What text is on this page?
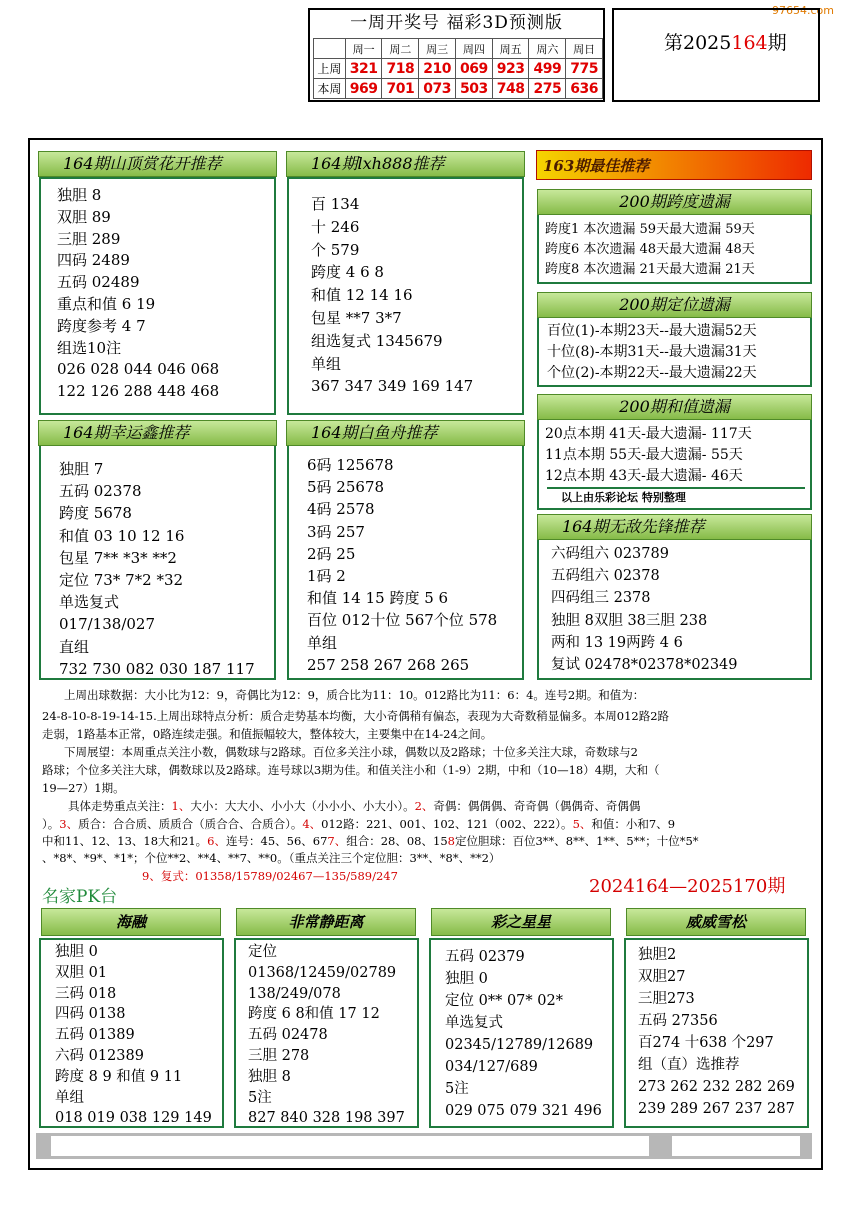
97654.com
一周开奖号 福彩3D预测版
	周一	周二	周三	周四	周五	周六	周日
上周	321	718	210	069	923	499	775
本周	969	701	073	503	748	275	636
第2025164期
独胆 8
双胆 89
三胆 289
四码 2489
五码 02489
重点和值 6 19
跨度参考 4 7
组选10注
026 028 044 046 068
122 126 288 448 468
164期山顶赏花开推荐
百 134
十 246
个 579
跨度 4 6 8
和值 12 14 16
包星 **7 3*7
组选复式 1345679
单组
367 347 349 169 147
164期lxh888推荐
独胆 7
五码 02378
跨度 5678
和值 03 10 12 16
包星 7** *3* **2
定位 73* 7*2 *32
单选复式
017/138/027
直组
732 730 082 030 187 117
164期幸运鑫推荐
6码 125678
5码 25678
4码 2578
3码 257
2码 25
1码 2
和值 14 15 跨度 5 6
百位 012十位 567个位 578
单组
257 258 267 268 265
164期白鱼舟推荐
163期最佳推荐
跨度1 本次遗漏 59天最大遗漏 59天
跨度6 本次遗漏 48天最大遗漏 48天
跨度8 本次遗漏 21天最大遗漏 21天
200期跨度遗漏
百位(1)-本期23天--最大遗漏52天
十位(8)-本期31天--最大遗漏31天
个位(2)-本期22天--最大遗漏22天
200期定位遗漏
20点本期 41天-最大遗漏- 117天
11点本期 55天-最大遗漏- 55天
12点本期 43天-最大遗漏- 46天
以上由乐彩论坛 特别整理
200期和值遗漏
六码组六 023789
五码组六 02378
四码组三 2378
独胆 8双胆 38三胆 238
两和 13 19两跨 4 6
复试 02478*02378*02349
164期无敌先锋推荐
上周出球数据：大小比为12：9，奇偶比为12：9，质合比为11：10。012路比为11：6：4。连号2期。和值为：
24-8-10-8-19-14-15.上周出球特点分析：质合走势基本均衡，大小奇偶稍有偏态，表现为大奇数稍显偏多。本周012路2路
走弱，1路基本正常，0路连续走强。和值振幅较大，整体较大，主要集中在14-24之间。
下周展望：本周重点关注小数，偶数球与2路球。百位多关注小球，偶数以及2路球；十位多关注大球，奇数球与2
路球；个位多关注大球，偶数球以及2路球。连号球以3期为佳。和值关注小和（1-9）2期，中和（10—18）4期，大和（
19—27）1期。
具体走势重点关注：1、大小：大大小、小小大（小小小、小大小）。2、奇偶：偶偶偶、奇奇偶（偶偶奇、奇偶偶
）。3、质合：合合质、质质合（质合合、合质合）。4、012路：221、001、102、121（002、222）。5、和值：小和7、9
中和11、12、13、18大和21。6、连号：45、56、677、组合：28、08、158定位胆球：百位3**、8**、1**、5**；十位*5*
、*8*、*9*、*1*；个位**2、**4、**7、**0。（重点关注三个定位胆：3**、*8*、**2）
9、复式：01358/15789/02467—135/589/247
名家PK台	2024164—2025170期
独胆 0
双胆 01
三码 018
四码 0138
五码 01389
六码 012389
跨度 8 9 和值 9 11
单组
018 019 038 129 149
海融
定位
01368/12459/02789
138/249/078
跨度 6 8和值 17 12
五码 02478
三胆 278
独胆 8
5注
827 840 328 198 397
非常静距离
五码 02379
独胆 0
定位 0** 07* 02*
单选复式
02345/12789/12689
034/127/689
5注
029 075 079 321 496
彩之星星
独胆2
双胆27
三胆273
五码 27356
百274 十638 个297
组（直）选推荐
273 262 232 282 269
239 289 267 237 287
威威雪松
